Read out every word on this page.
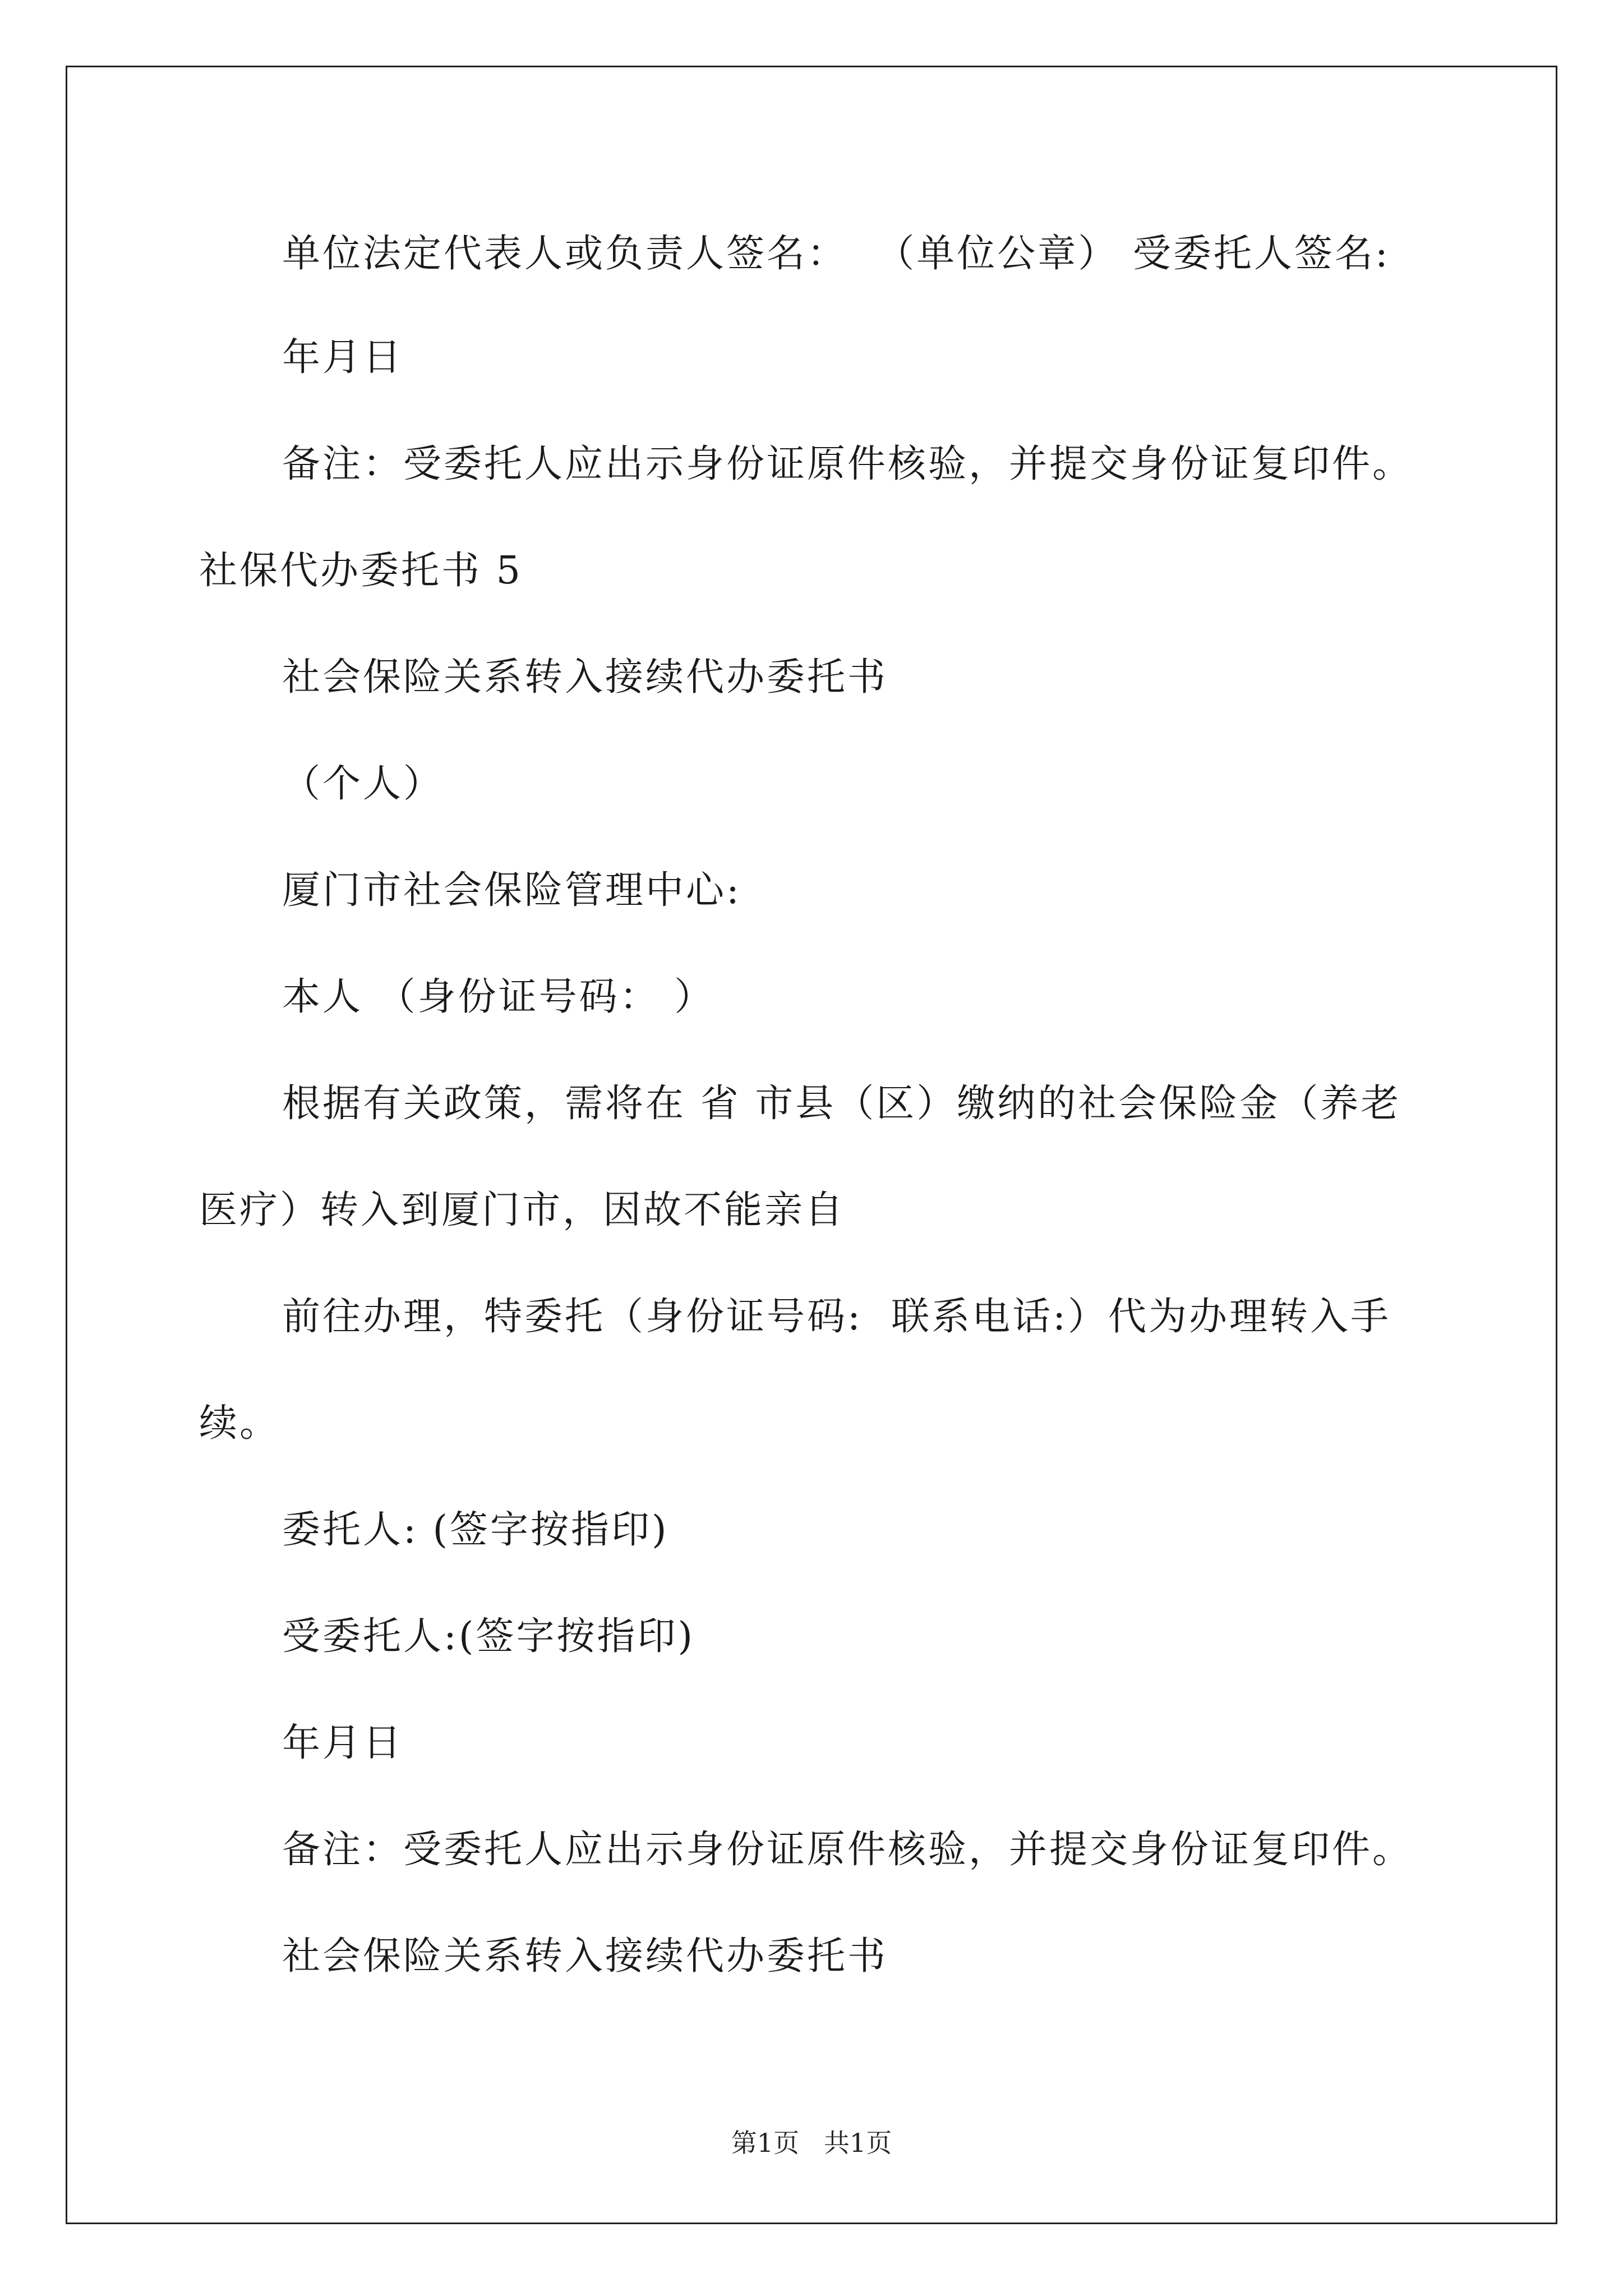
单位法定代表人或负责人签名：  （单位公章） 受委托人签名:
年月日
备注：受委托人应出示身份证原件核验，并提交身份证复印件。
社保代办委托书 5
社会保险关系转入接续代办委托书
（个人）
厦门市社会保险管理中心:
本人 （身份证号码： ）
根据有关政策，需将在 省 市县（区）缴纳的社会保险金（养老
医疗）转入到厦门市，因故不能亲自
前往办理，特委托（身份证号码:  联系电话:）代为办理转入手
续。
委托人: (签字按指印)
受委托人:(签字按指印)
年月日
备注：受委托人应出示身份证原件核验，并提交身份证复印件。
社会保险关系转入接续代办委托书
第1页   共1页
